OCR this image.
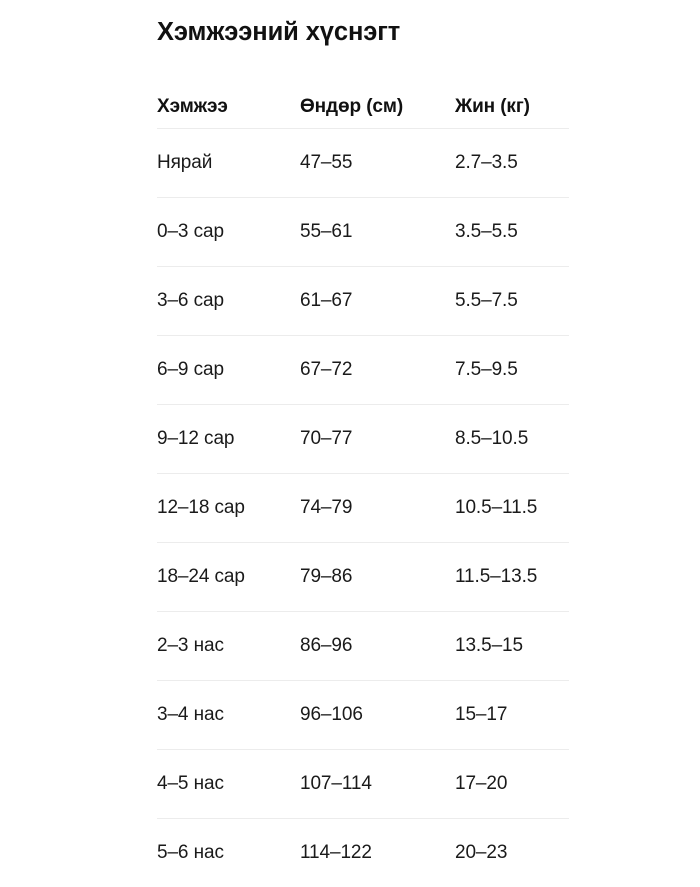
Хэмжээний хүснэгт
Хэмжээ	Өндөр (см)	Жин (кг)
Нярай	47–55	2.7–3.5
0–3 сар	55–61	3.5–5.5
3–6 сар	61–67	5.5–7.5
6–9 сар	67–72	7.5–9.5
9–12 сар	70–77	8.5–10.5
12–18 сар	74–79	10.5–11.5
18–24 сар	79–86	11.5–13.5
2–3 нас	86–96	13.5–15
3–4 нас	96–106	15–17
4–5 нас	107–114	17–20
5–6 нас	114–122	20–23
